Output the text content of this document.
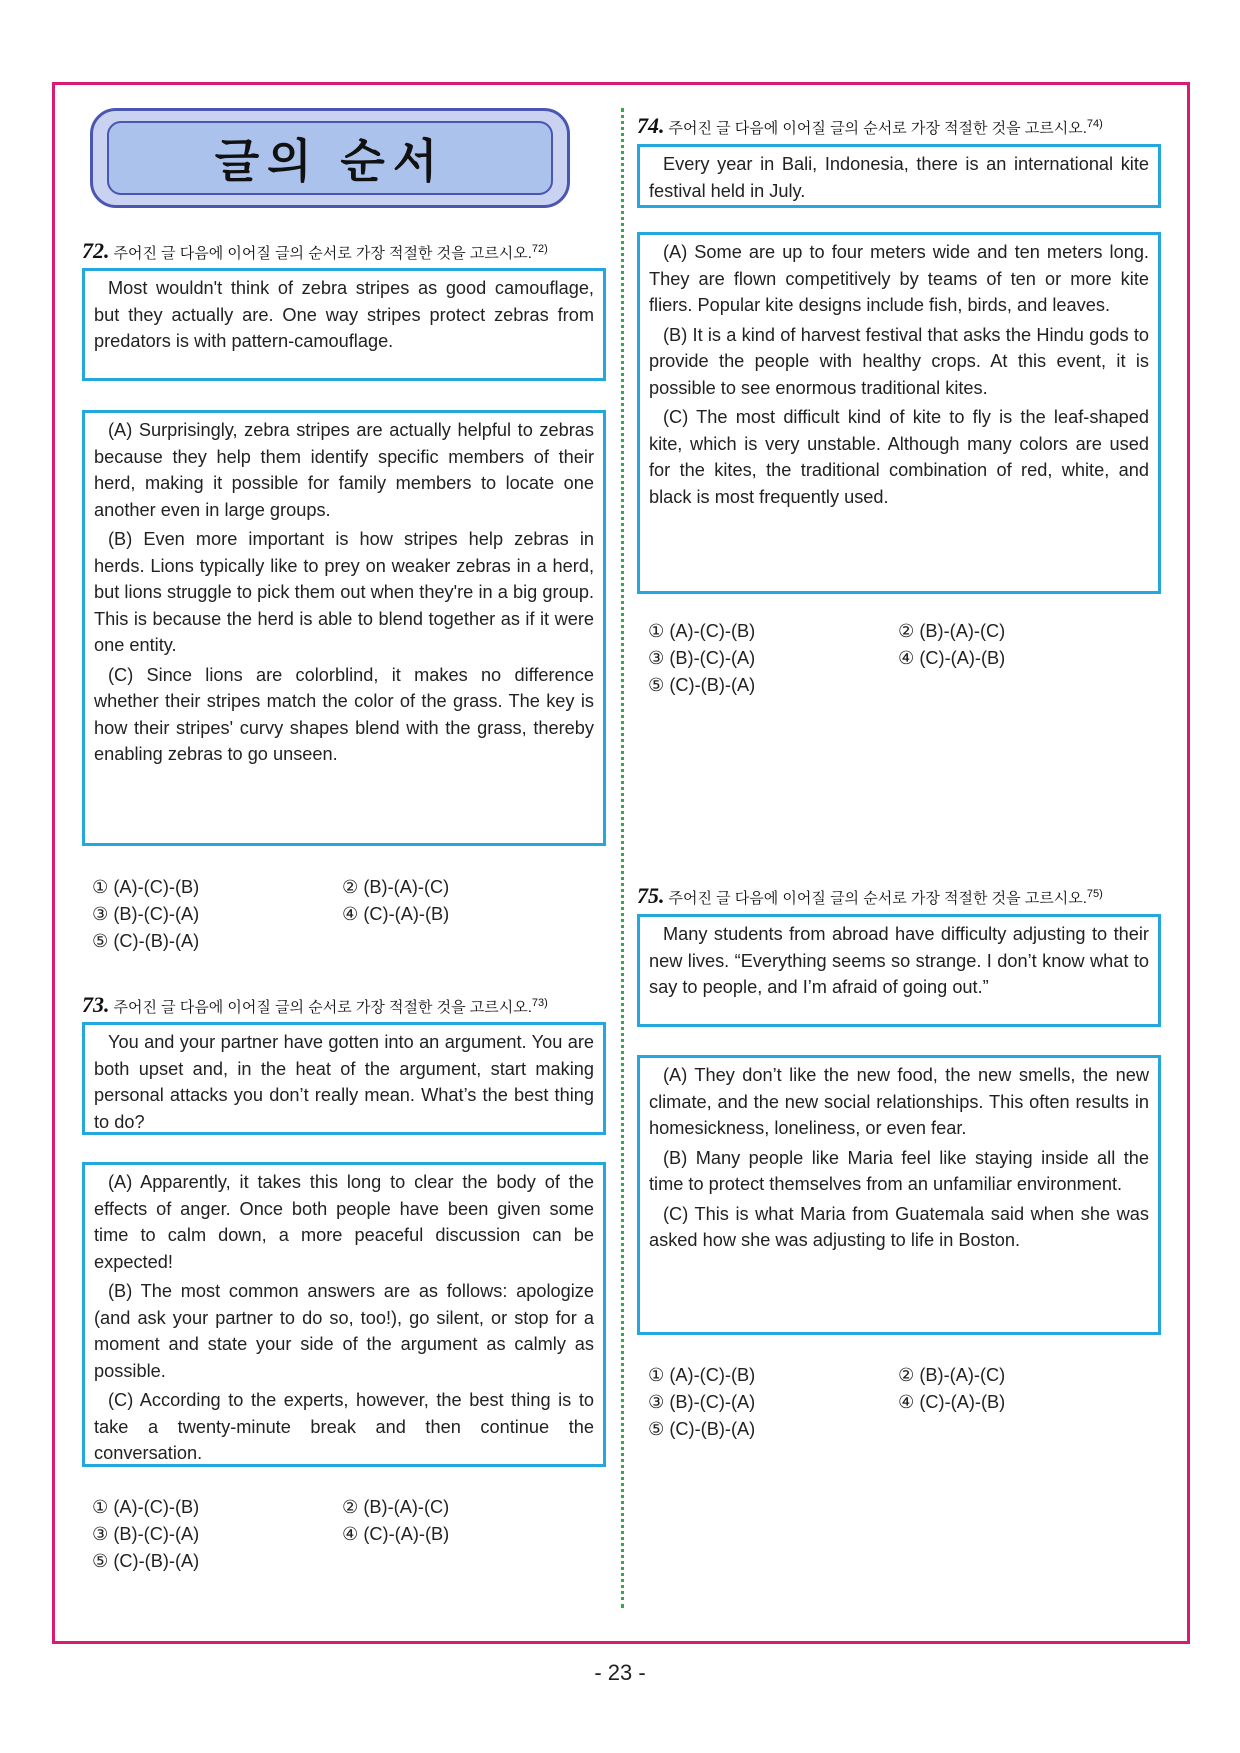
글의 순서
72. 주어진 글 다음에 이어질 글의 순서로 가장 적절한 것을 고르시오.$^{72)}$

Most wouldn't think of zebra stripes as good camouflage, but they actually are. One way stripes protect zebras from predators is with pattern-camouflage.

(A) Surprisingly, zebra stripes are actually helpful to zebras because they help them identify specific members of their herd, making it possible for family members to locate one another even in large groups.

(B) Even more important is how stripes help zebras in herds. Lions typically like to prey on weaker zebras in a herd, but lions struggle to pick them out when they're in a big group. This is because the herd is able to blend together as if it were one entity.

(C) Since lions are colorblind, it makes no difference whether their stripes match the color of the grass. The key is how their stripes' curvy shapes blend with the grass, thereby enabling zebras to go unseen.

① (A)-(C)-(B)	② (B)-(A)-(C)
③ (B)-(C)-(A)	④ (C)-(A)-(B)
⑤ (C)-(B)-(A)
73. 주어진 글 다음에 이어질 글의 순서로 가장 적절한 것을 고르시오.$^{73)}$

You and your partner have gotten into an argument. You are both upset and, in the heat of the argument, start making personal attacks you don’t really mean. What’s the best thing to do?

(A) Apparently, it takes this long to clear the body of the effects of anger. Once both people have been given some time to calm down, a more peaceful discussion can be expected!

(B) The most common answers are as follows: apologize (and ask your partner to do so, too!), go silent, or stop for a moment and state your side of the argument as calmly as possible.

(C) According to the experts, however, the best thing is to take a twenty-minute break and then continue the conversation.

① (A)-(C)-(B)	② (B)-(A)-(C)
③ (B)-(C)-(A)	④ (C)-(A)-(B)
⑤ (C)-(B)-(A)
74. 주어진 글 다음에 이어질 글의 순서로 가장 적절한 것을 고르시오.$^{74)}$

Every year in Bali, Indonesia, there is an international kite festival held in July.

(A) Some are up to four meters wide and ten meters long. They are flown competitively by teams of ten or more kite fliers. Popular kite designs include fish, birds, and leaves.

(B) It is a kind of harvest festival that asks the Hindu gods to provide the people with healthy crops. At this event, it is possible to see enormous traditional kites.

(C) The most difficult kind of kite to fly is the leaf-shaped kite, which is very unstable. Although many colors are used for the kites, the traditional combination of red, white, and black is most frequently used.

① (A)-(C)-(B)	② (B)-(A)-(C)
③ (B)-(C)-(A)	④ (C)-(A)-(B)
⑤ (C)-(B)-(A)
75. 주어진 글 다음에 이어질 글의 순서로 가장 적절한 것을 고르시오.$^{75)}$

Many students from abroad have difficulty adjusting to their new lives. “Everything seems so strange. I don’t know what to say to people, and I’m afraid of going out.”

(A) They don’t like the new food, the new smells, the new climate, and the new social relationships. This often results in homesickness, loneliness, or even fear.

(B) Many people like Maria feel like staying inside all the time to protect themselves from an unfamiliar environment.

(C) This is what Maria from Guatemala said when she was asked how she was adjusting to life in Boston.

① (A)-(C)-(B)	② (B)-(A)-(C)
③ (B)-(C)-(A)	④ (C)-(A)-(B)
⑤ (C)-(B)-(A)
- 23 -
